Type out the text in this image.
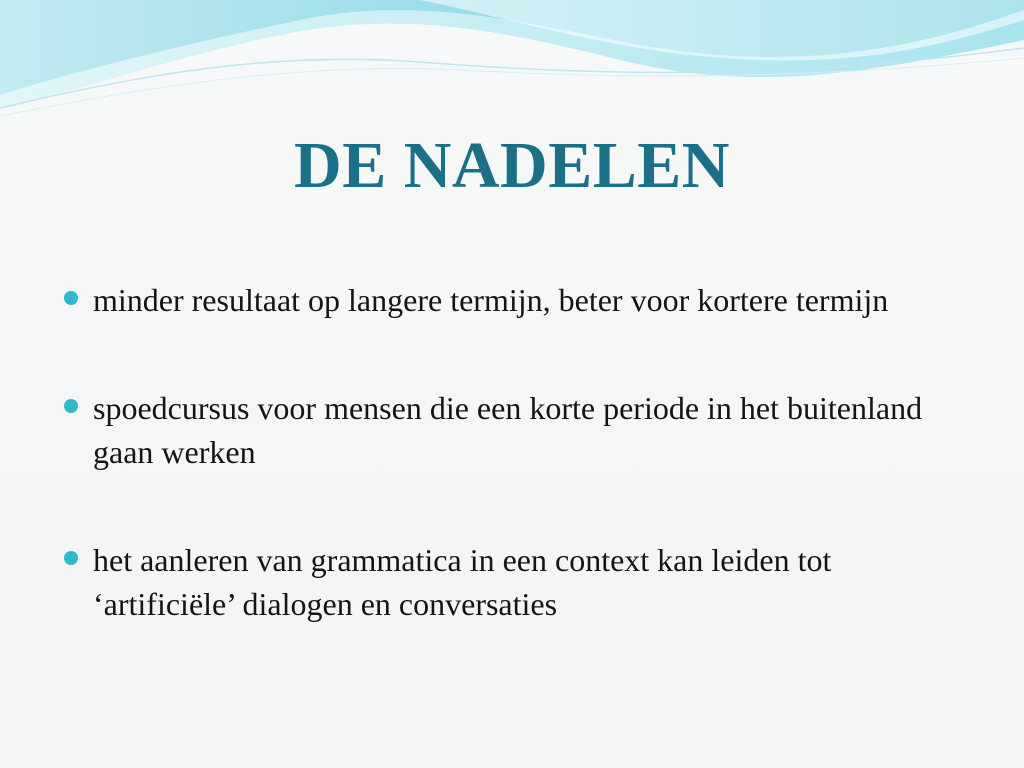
DE NADELEN
minder resultaat op langere termijn, beter voor kortere termijn
spoedcursus voor mensen die een korte periode in het buitenland gaan werken
het aanleren van grammatica in een context kan leiden tot ‘artificiële’ dialogen en conversaties
